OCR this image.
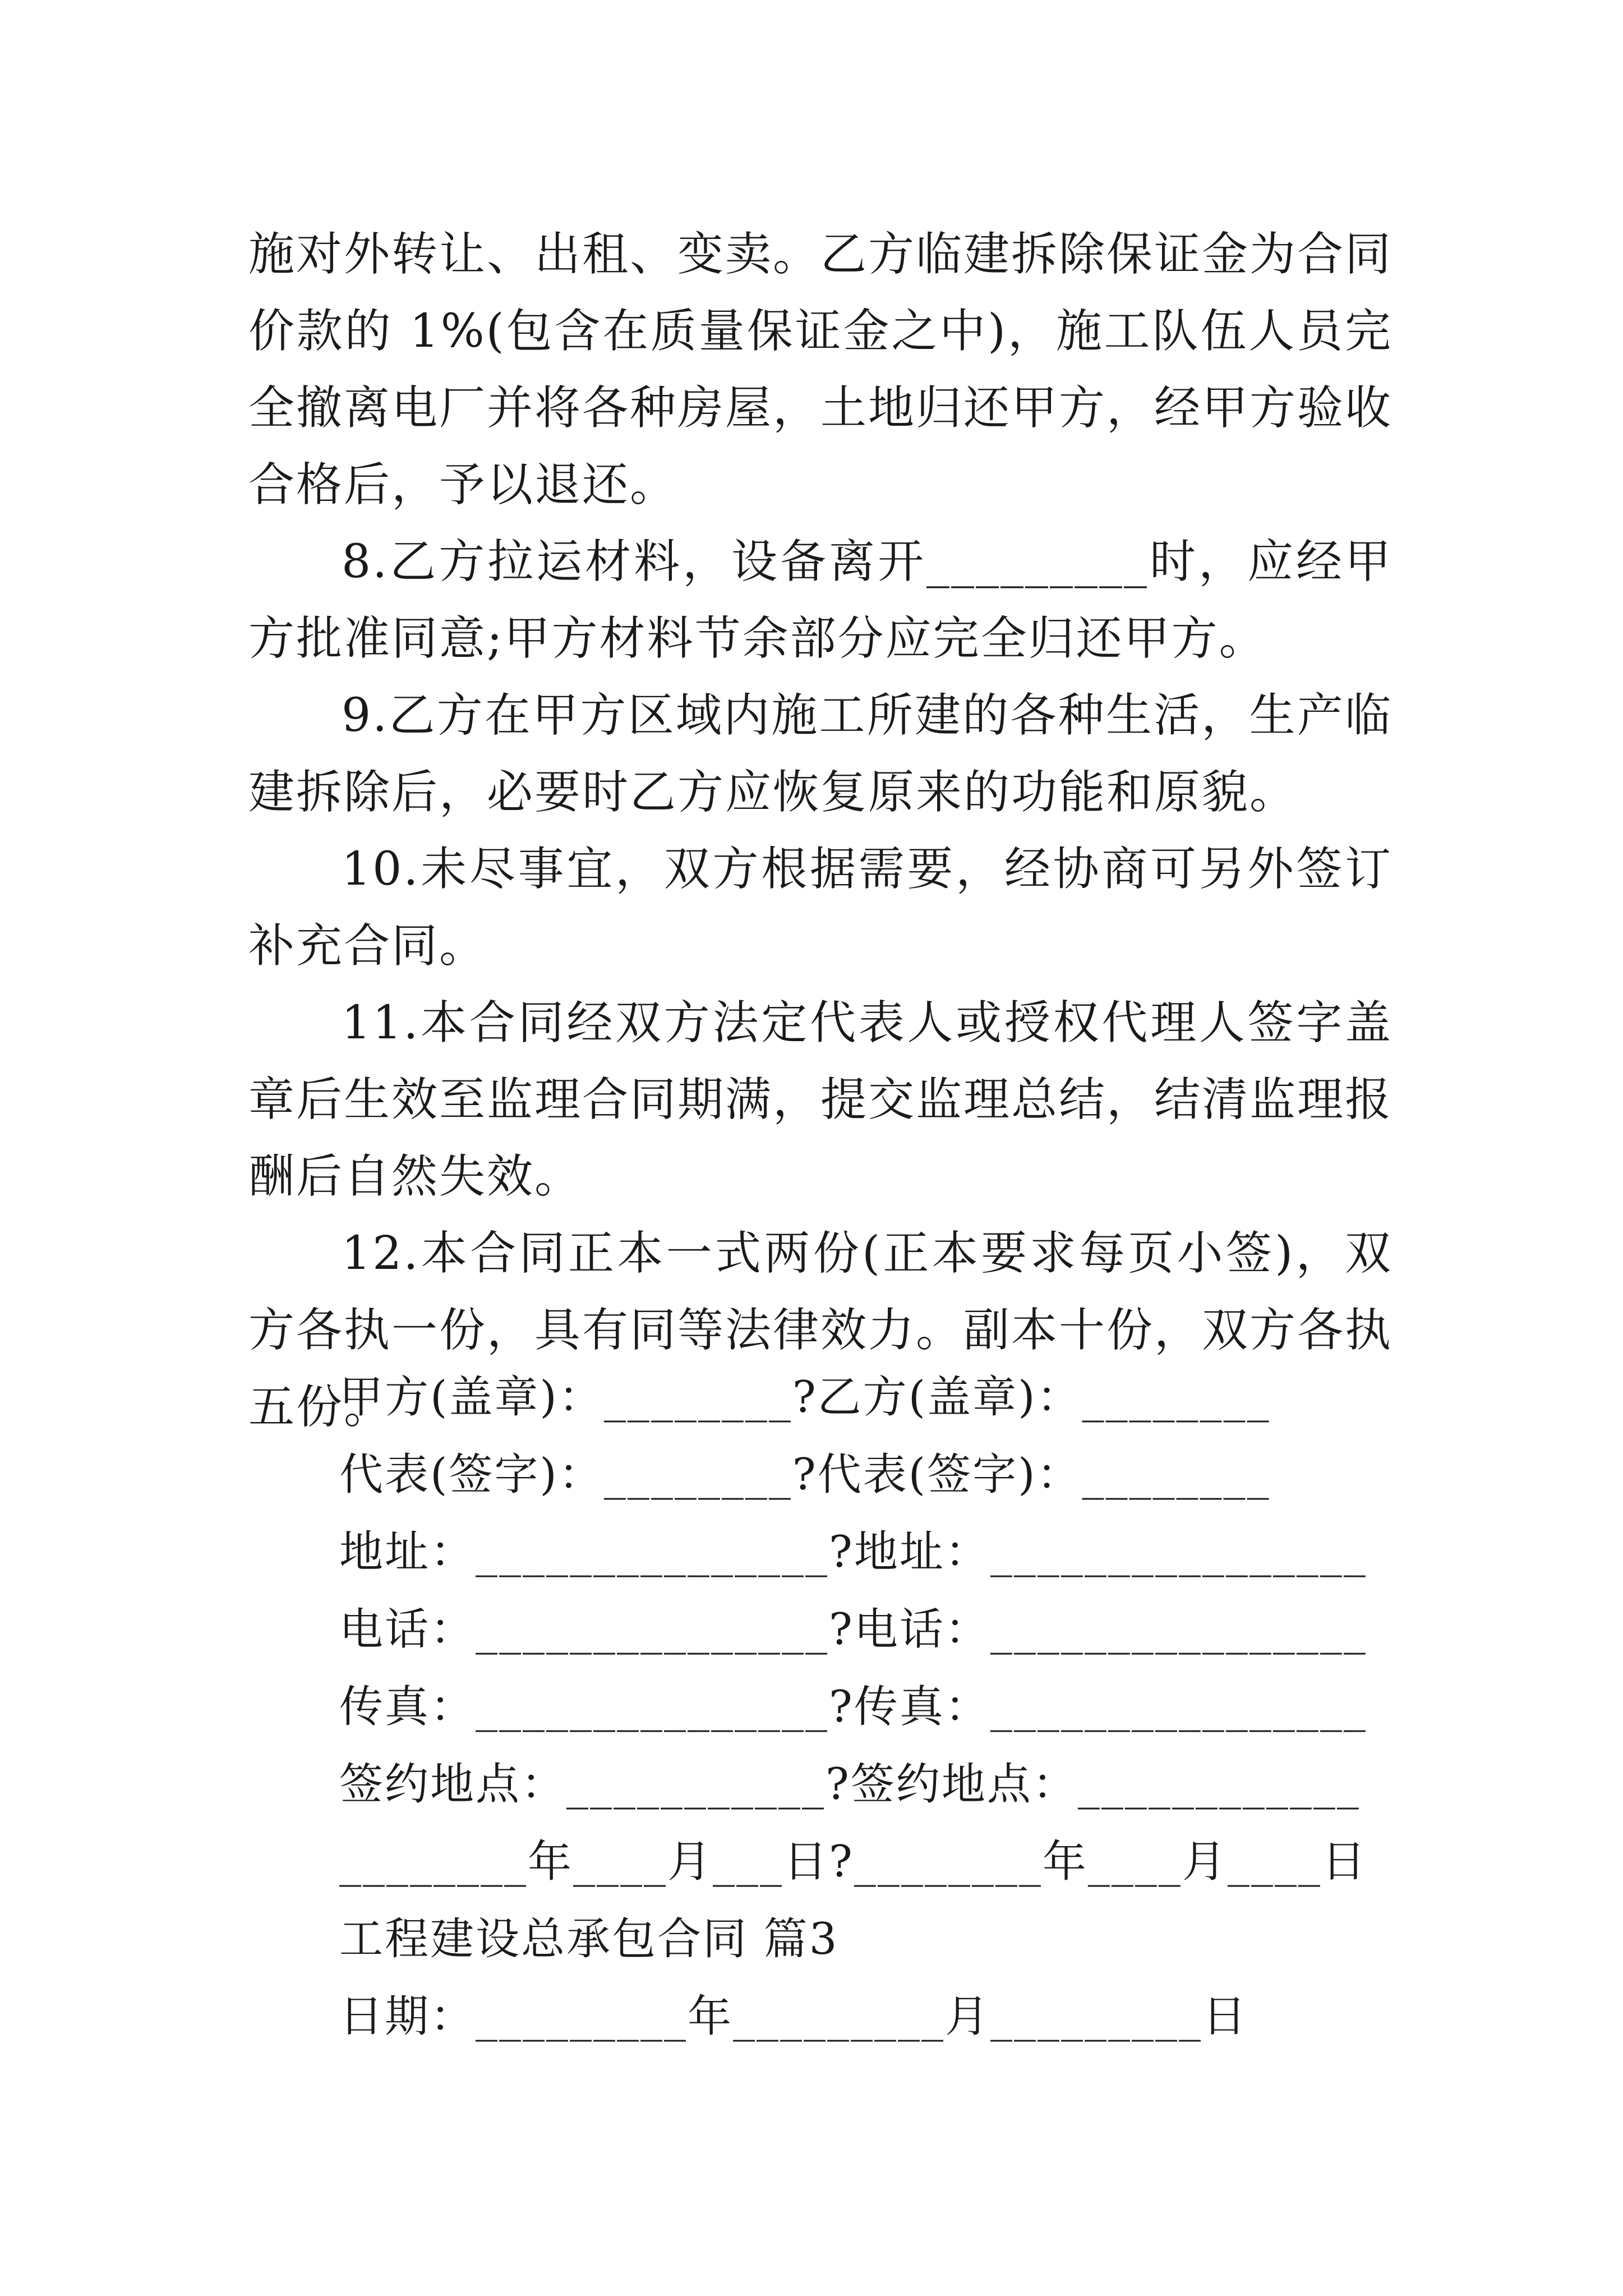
施对外转让、出租、变卖。乙方临建拆除保证金为合同价款的 1%(包含在质量保证金之中)，施工队伍人员完全撤离电厂并将各种房屋，土地归还甲方，经甲方验收合格后，予以退还。

8.乙方拉运材料，设备离开_________时，应经甲方批准同意;甲方材料节余部分应完全归还甲方。

9.乙方在甲方区域内施工所建的各种生活，生产临建拆除后，必要时乙方应恢复原来的功能和原貌。

10.未尽事宜，双方根据需要，经协商可另外签订补充合同。

11.本合同经双方法定代表人或授权代理人签字盖章后生效至监理合同期满，提交监理总结，结清监理报酬后自然失效。

12.本合同正本一式两份(正本要求每页小签)，双方各执一份，具有同等法律效力。副本十份，双方各执五份。

甲方(盖章)：________?乙方(盖章)：________
代表(签字)：________?代表(签字)：________
地址：_______________?地址：________________
电话：_______________?电话：________________
传真：_______________?传真：________________
签约地点：___________?签约地点：____________
________年____月___日?________年____月____日
工程建设总承包合同 篇3
日期：_________年_________月_________日
